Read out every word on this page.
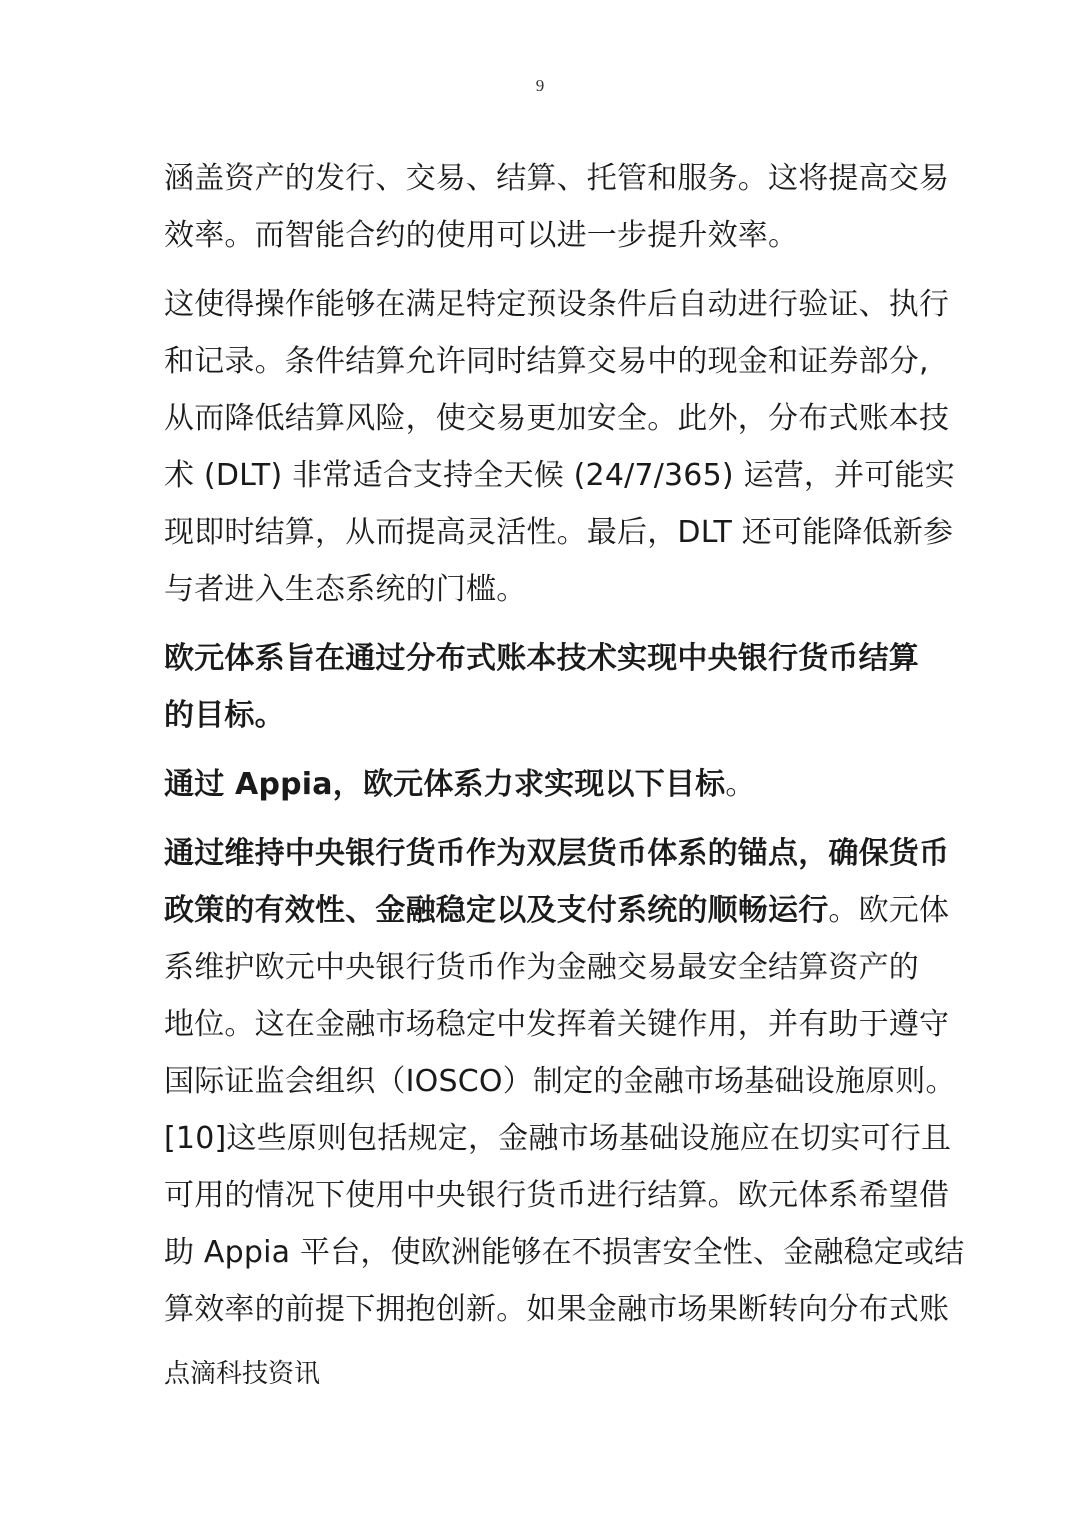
9

涵盖资产的发行、交易、结算、托管和服务。这将提高交易
效率。而智能合约的使用可以进一步提升效率。

这使得操作能够在满足特定预设条件后自动进行验证、执行
和记录。条件结算允许同时结算交易中的现金和证券部分,
从而降低结算风险，使交易更加安全。此外，分布式账本技
术 (DLT) 非常适合支持全天候 (24/7/365) 运营，并可能实
现即时结算，从而提高灵活性。最后，DLT 还可能降低新参
与者进入生态系统的门槛。

欧元体系旨在通过分布式账本技术实现中央银行货币结算
的目标。

通过 Appia，欧元体系力求实现以下目标。

通过维持中央银行货币作为双层货币体系的锚点，确保货币
政策的有效性、金融稳定以及支付系统的顺畅运行。欧元体
系维护欧元中央银行货币作为金融交易最安全结算资产的
地位。这在金融市场稳定中发挥着关键作用，并有助于遵守
国际证监会组织（IOSCO）制定的金融市场基础设施原则。
[10]这些原则包括规定，金融市场基础设施应在切实可行且
可用的情况下使用中央银行货币进行结算。欧元体系希望借
助 Appia 平台，使欧洲能够在不损害安全性、金融稳定或结
算效率的前提下拥抱创新。如果金融市场果断转向分布式账

点滴科技资讯
